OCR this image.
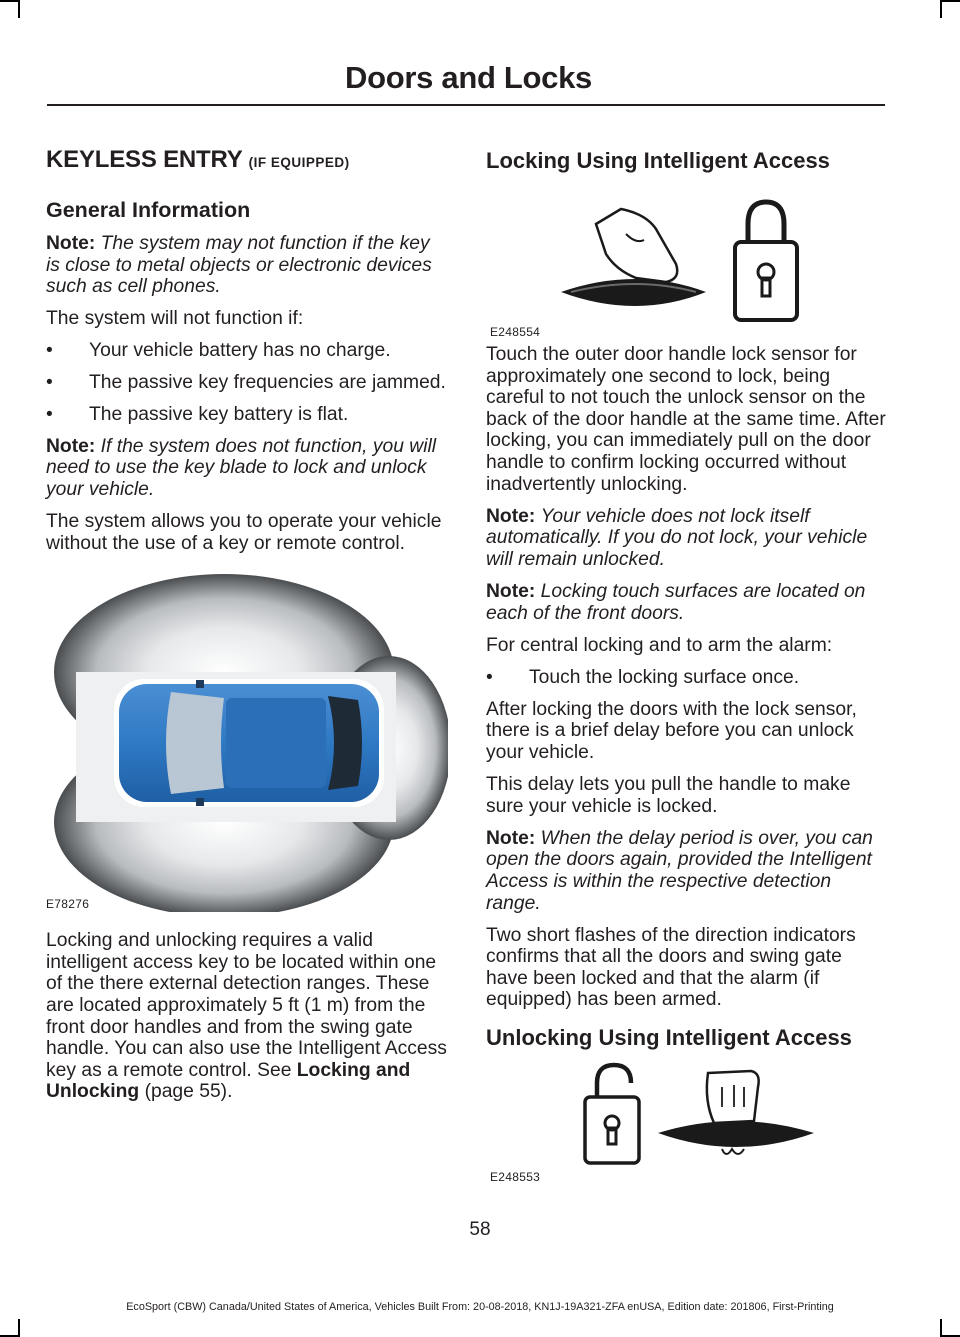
Doors and Locks
KEYLESS ENTRY (IF EQUIPPED)
General Information

Note: The system may not function if the key is close to metal objects or electronic devices such as cell phones.

The system will not function if:

• Your vehicle battery has no charge.
• The passive key frequencies are jammed.
• The passive key battery is flat.

Note: If the system does not function, you will need to use the key blade to lock and unlock your vehicle.

The system allows you to operate your vehicle without the use of a key or remote control.

E78276

Locking and unlocking requires a valid intelligent access key to be located within one of the there external detection ranges. These are located approximately 5 ft (1 m) from the front door handles and from the swing gate handle. You can also use the Intelligent Access key as a remote control. See Locking and Unlocking (page 55).

Locking Using Intelligent Access
E248554

Touch the outer door handle lock sensor for approximately one second to lock, being careful to not touch the unlock sensor on the back of the door handle at the same time. After locking, you can immediately pull on the door handle to confirm locking occurred without inadvertently unlocking.

Note: Your vehicle does not lock itself automatically. If you do not lock, your vehicle will remain unlocked.

Note: Locking touch surfaces are located on each of the front doors.

For central locking and to arm the alarm:

• Touch the locking surface once.

After locking the doors with the lock sensor, there is a brief delay before you can unlock your vehicle.

This delay lets you pull the handle to make sure your vehicle is locked.

Note: When the delay period is over, you can open the doors again, provided the Intelligent Access is within the respective detection range.

Two short flashes of the direction indicators confirms that all the doors and swing gate have been locked and that the alarm (if equipped) has been armed.

Unlocking Using Intelligent Access
E248553
58
EcoSport (CBW) Canada/United States of America, Vehicles Built From: 20-08-2018, KN1J-19A321-ZFA enUSA, Edition date: 201806, First-Printing
